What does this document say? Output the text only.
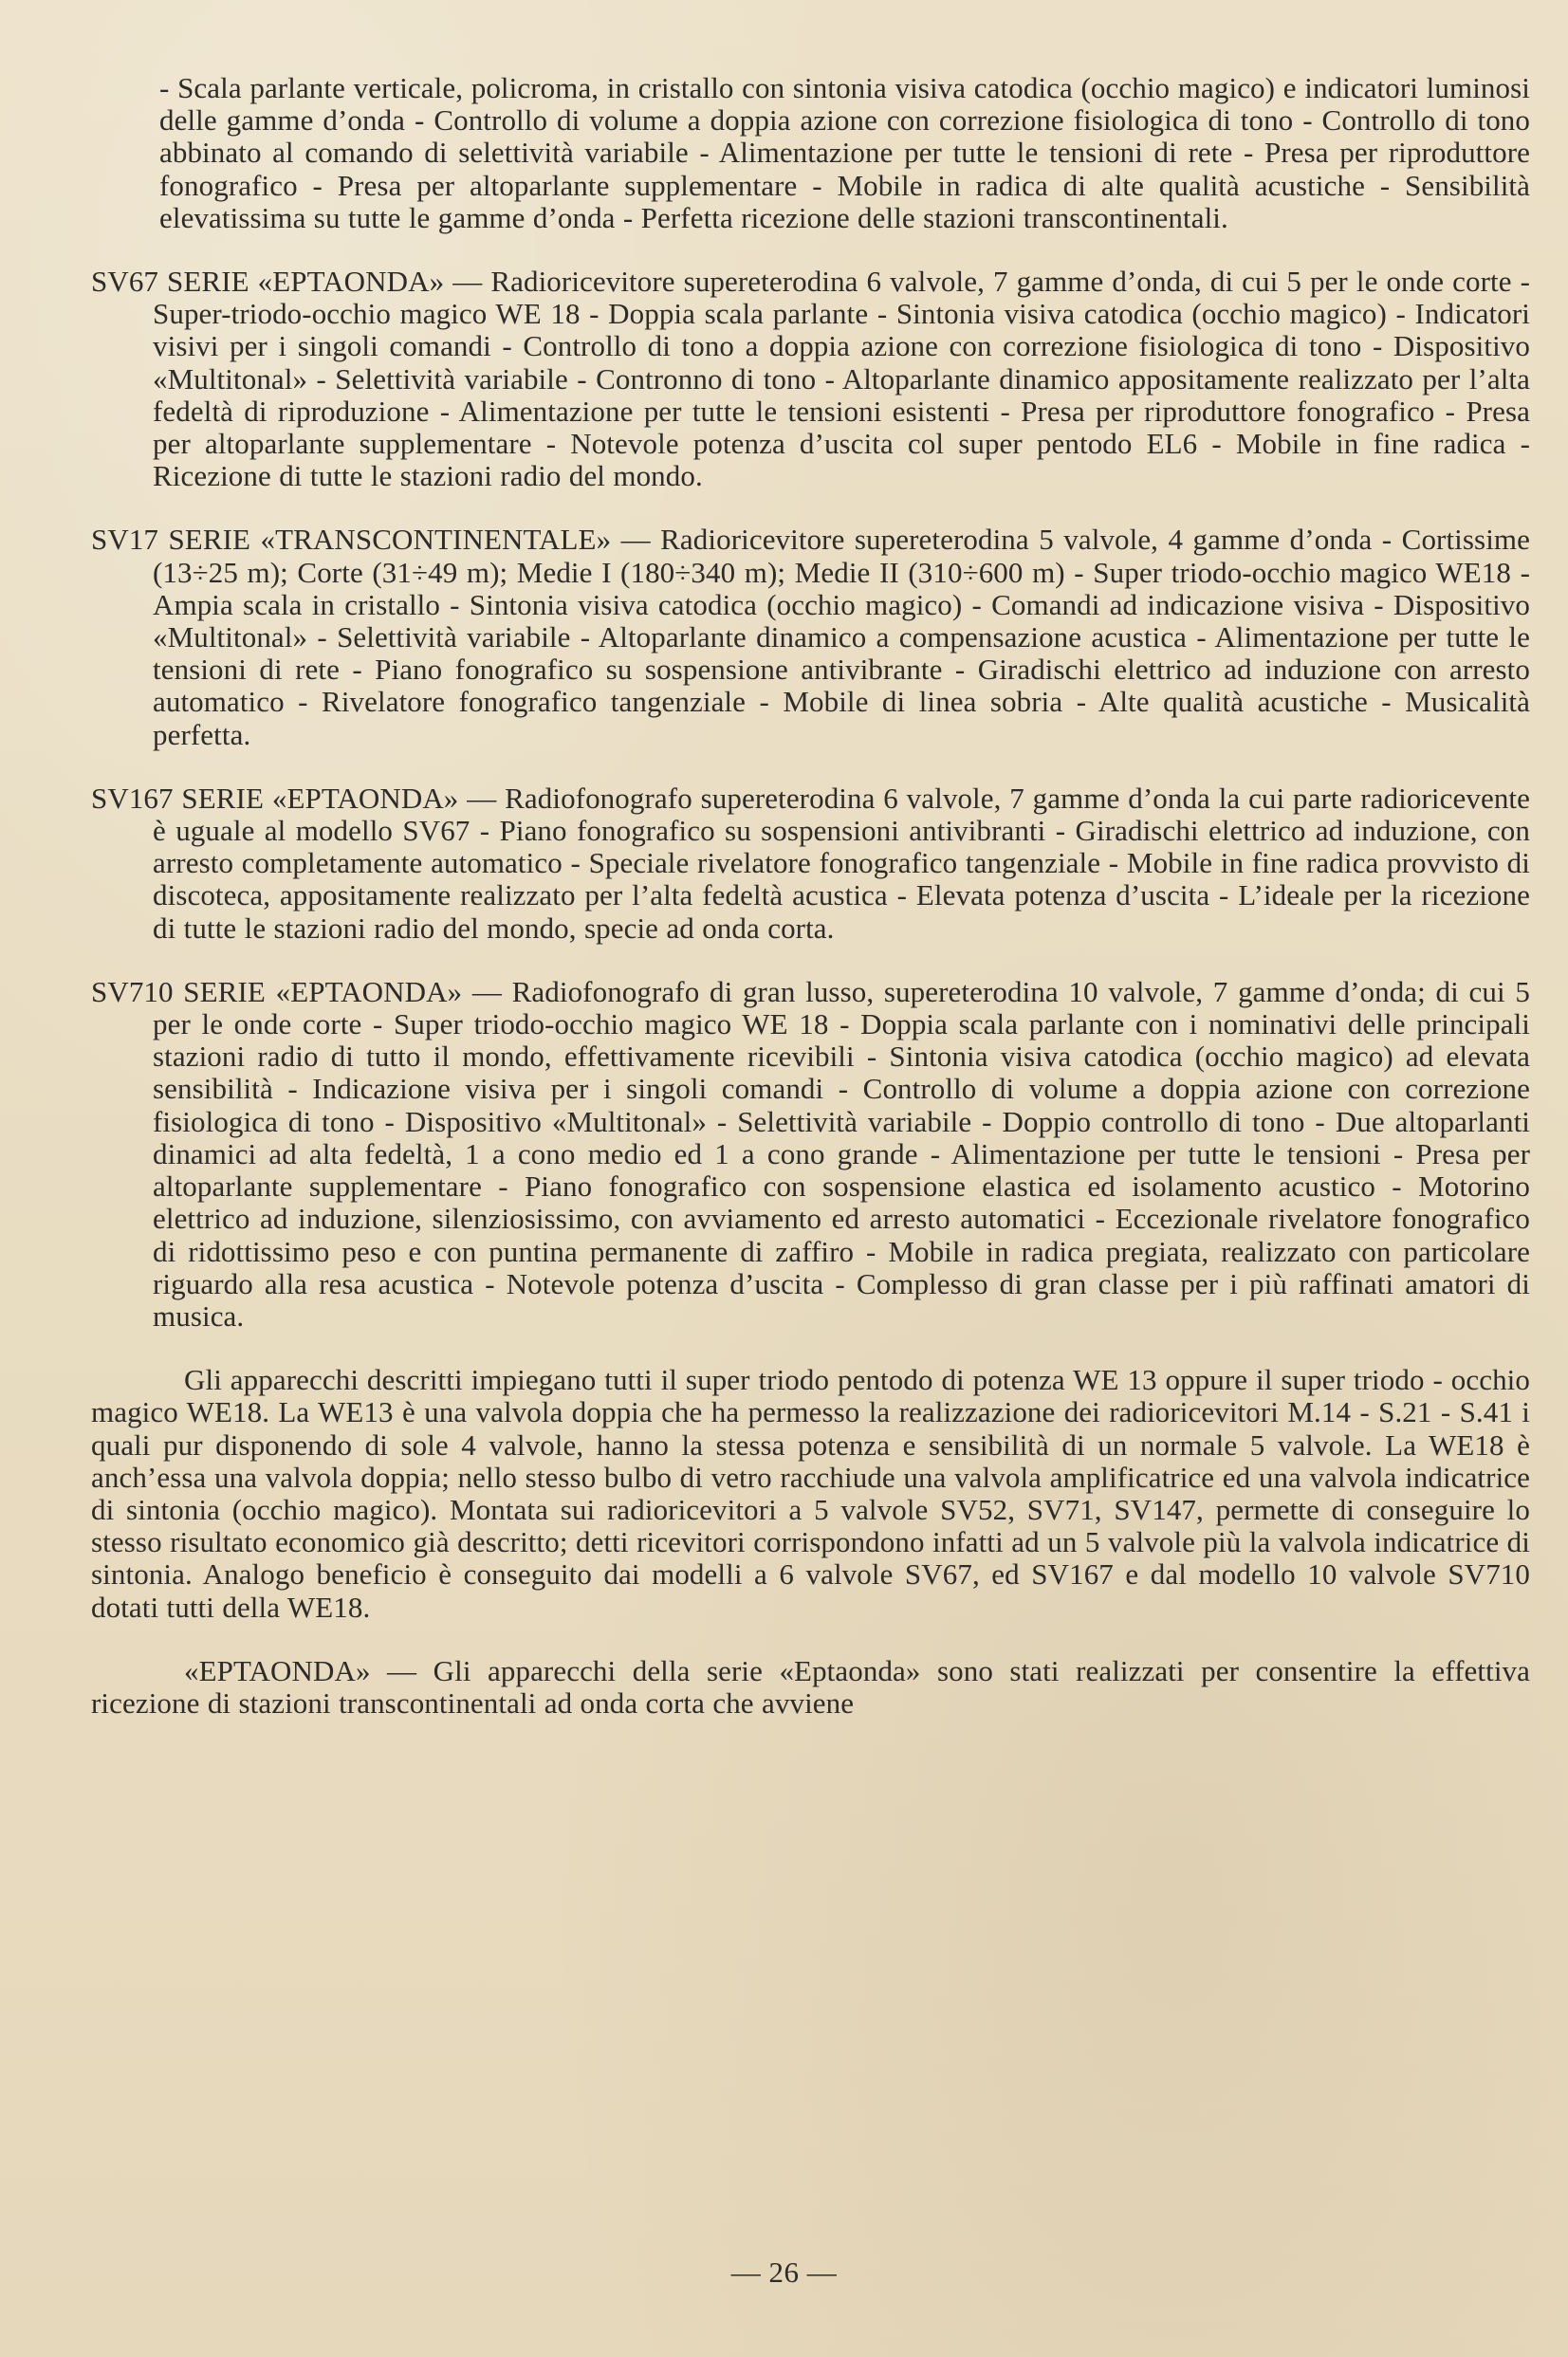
- Scala parlante verticale, policroma, in cristallo con sintonia visiva catodica (occhio magico) e indicatori luminosi delle gamme d’onda - Controllo di volume a doppia azione con correzione fisiologica di tono - Controllo di tono abbinato al comando di selettività variabile - Alimentazione per tutte le tensioni di rete - Presa per riproduttore fonografico - Presa per altoparlante supplementare - Mobile in radica di alte qualità acustiche - Sensibilità elevatissima su tutte le gamme d’onda - Perfetta ricezione delle stazioni transcontinentali.

SV67 SERIE «EPTAONDA» — Radioricevitore supereterodina 6 valvole, 7 gamme d’onda, di cui 5 per le onde corte - Super-triodo-occhio magico WE 18 - Doppia scala parlante - Sintonia visiva catodica (occhio magico) - Indicatori visivi per i singoli comandi - Controllo di tono a doppia azione con correzione fisiologica di tono - Dispositivo «Multitonal» - Selettività variabile - Contronno di tono - Altoparlante dinamico appositamente realizzato per l’alta fedeltà di riproduzione - Alimentazione per tutte le tensioni esistenti - Presa per riproduttore fonografico - Presa per altoparlante supplementare - Notevole potenza d’uscita col super pentodo EL6 - Mobile in fine radica - Ricezione di tutte le stazioni radio del mondo.

SV17 SERIE «TRANSCONTINENTALE» — Radioricevitore supereterodina 5 valvole, 4 gamme d’onda - Cortissime (13÷25 m); Corte (31÷49 m); Medie I (180÷340 m); Medie II (310÷600 m) - Super triodo-occhio magico WE18 - Ampia scala in cristallo - Sintonia visiva catodica (occhio magico) - Comandi ad indicazione visiva - Dispositivo «Multitonal» - Selettività variabile - Altoparlante dinamico a compensazione acustica - Alimentazione per tutte le tensioni di rete - Piano fonografico su sospensione antivibrante - Giradischi elettrico ad induzione con arresto automatico - Rivelatore fonografico tangenziale - Mobile di linea sobria - Alte qualità acustiche - Musicalità perfetta.

SV167 SERIE «EPTAONDA» — Radiofonografo supereterodina 6 valvole, 7 gamme d’onda la cui parte radioricevente è uguale al modello SV67 - Piano fonografico su sospensioni antivibranti - Giradischi elettrico ad induzione, con arresto completamente automatico - Speciale rivelatore fonografico tangenziale - Mobile in fine radica provvisto di discoteca, appositamente realizzato per l’alta fedeltà acustica - Elevata potenza d’uscita - L’ideale per la ricezione di tutte le stazioni radio del mondo, specie ad onda corta.

SV710 SERIE «EPTAONDA» — Radiofonografo di gran lusso, supereterodina 10 valvole, 7 gamme d’onda; di cui 5 per le onde corte - Super triodo-occhio magico WE 18 - Doppia scala parlante con i nominativi delle principali stazioni radio di tutto il mondo, effettivamente ricevibili - Sintonia visiva catodica (occhio magico) ad elevata sensibilità - Indicazione visiva per i singoli comandi - Controllo di volume a doppia azione con correzione fisiologica di tono - Dispositivo «Multitonal» - Selettività variabile - Doppio controllo di tono - Due altoparlanti dinamici ad alta fedeltà, 1 a cono medio ed 1 a cono grande - Alimentazione per tutte le tensioni - Presa per altoparlante supplementare - Piano fonografico con sospensione elastica ed isolamento acustico - Motorino elettrico ad induzione, silenziosissimo, con avviamento ed arresto automatici - Eccezionale rivelatore fonografico di ridottissimo peso e con puntina permanente di zaffiro - Mobile in radica pregiata, realizzato con particolare riguardo alla resa acustica - Notevole potenza d’uscita - Complesso di gran classe per i più raffinati amatori di musica.

Gli apparecchi descritti impiegano tutti il super triodo pentodo di potenza WE 13 oppure il super triodo - occhio magico WE18. La WE13 è una valvola doppia che ha permesso la realizzazione dei radioricevitori M.14 - S.21 - S.41 i quali pur disponendo di sole 4 valvole, hanno la stessa potenza e sensibilità di un normale 5 valvole. La WE18 è anch’essa una valvola doppia; nello stesso bulbo di vetro racchiude una valvola amplificatrice ed una valvola indicatrice di sintonia (occhio magico). Montata sui radioricevitori a 5 valvole SV52, SV71, SV147, permette di conseguire lo stesso risultato economico già descritto; detti ricevitori corrispondono infatti ad un 5 valvole più la valvola indicatrice di sintonia. Analogo beneficio è conseguito dai modelli a 6 valvole SV67, ed SV167 e dal modello 10 valvole SV710 dotati tutti della WE18.

«EPTAONDA» — Gli apparecchi della serie «Eptaonda» sono stati realizzati per consentire la effettiva ricezione di stazioni transcontinentali ad onda corta che avviene

— 26 —
